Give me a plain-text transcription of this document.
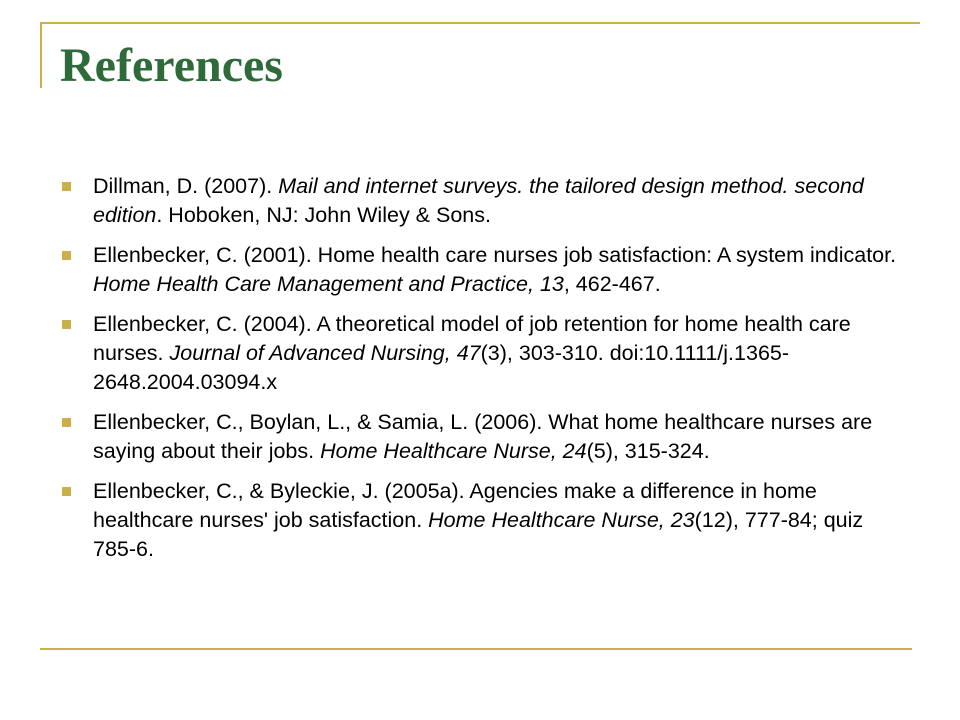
References
Dillman, D. (2007). Mail and internet surveys. the tailored design method. second edition. Hoboken, NJ: John Wiley & Sons.
Ellenbecker, C. (2001). Home health care nurses job satisfaction: A system indicator. Home Health Care Management and Practice, 13, 462-467.
Ellenbecker, C. (2004). A theoretical model of job retention for home health care nurses. Journal of Advanced Nursing, 47(3), 303-310. doi:10.1111/j.1365-2648.2004.03094.x
Ellenbecker, C., Boylan, L., & Samia, L. (2006). What home healthcare nurses are saying about their jobs. Home Healthcare Nurse, 24(5), 315-324.
Ellenbecker, C., & Byleckie, J. (2005a). Agencies make a difference in home healthcare nurses' job satisfaction. Home Healthcare Nurse, 23(12), 777-84; quiz 785-6.
